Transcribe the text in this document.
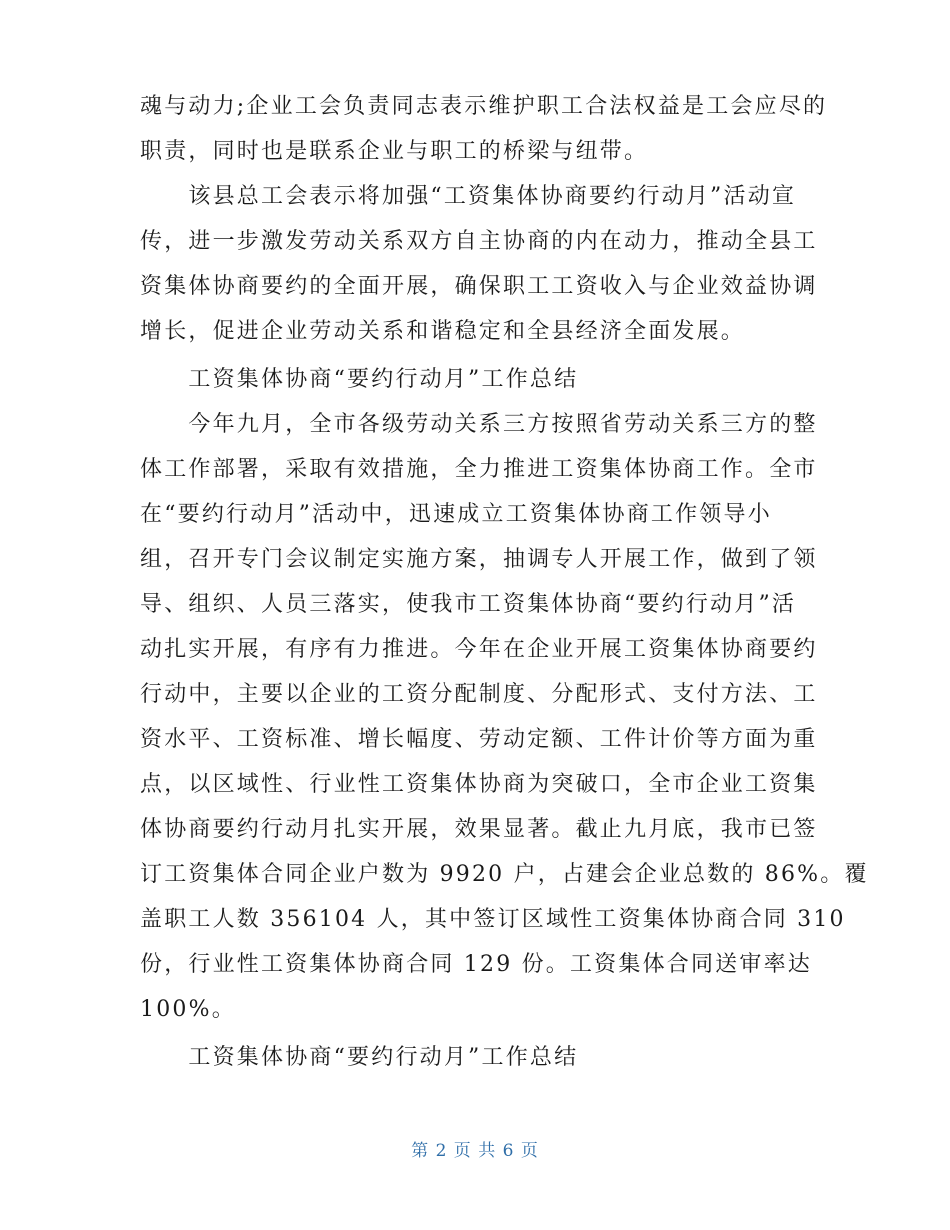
魂与动力;企业工会负责同志表示维护职工合法权益是工会应尽的
职责，同时也是联系企业与职工的桥梁与纽带。
　　该县总工会表示将加强“工资集体协商要约行动月”活动宣
传，进一步激发劳动关系双方自主协商的内在动力，推动全县工
资集体协商要约的全面开展，确保职工工资收入与企业效益协调
增长，促进企业劳动关系和谐稳定和全县经济全面发展。
　　工资集体协商“要约行动月”工作总结
　　今年九月，全市各级劳动关系三方按照省劳动关系三方的整
体工作部署，采取有效措施，全力推进工资集体协商工作。全市
在“要约行动月”活动中，迅速成立工资集体协商工作领导小
组，召开专门会议制定实施方案，抽调专人开展工作，做到了领
导、组织、人员三落实，使我市工资集体协商“要约行动月”活
动扎实开展，有序有力推进。今年在企业开展工资集体协商要约
行动中，主要以企业的工资分配制度、分配形式、支付方法、工
资水平、工资标准、增长幅度、劳动定额、工件计价等方面为重
点，以区域性、行业性工资集体协商为突破口，全市企业工资集
体协商要约行动月扎实开展，效果显著。截止九月底，我市已签
订工资集体合同企业户数为 9920 户，占建会企业总数的 86%。覆
盖职工人数 356104 人，其中签订区域性工资集体协商合同 310
份，行业性工资集体协商合同 129 份。工资集体合同送审率达
100%。
　　工资集体协商“要约行动月”工作总结
第 2 页 共 6 页
